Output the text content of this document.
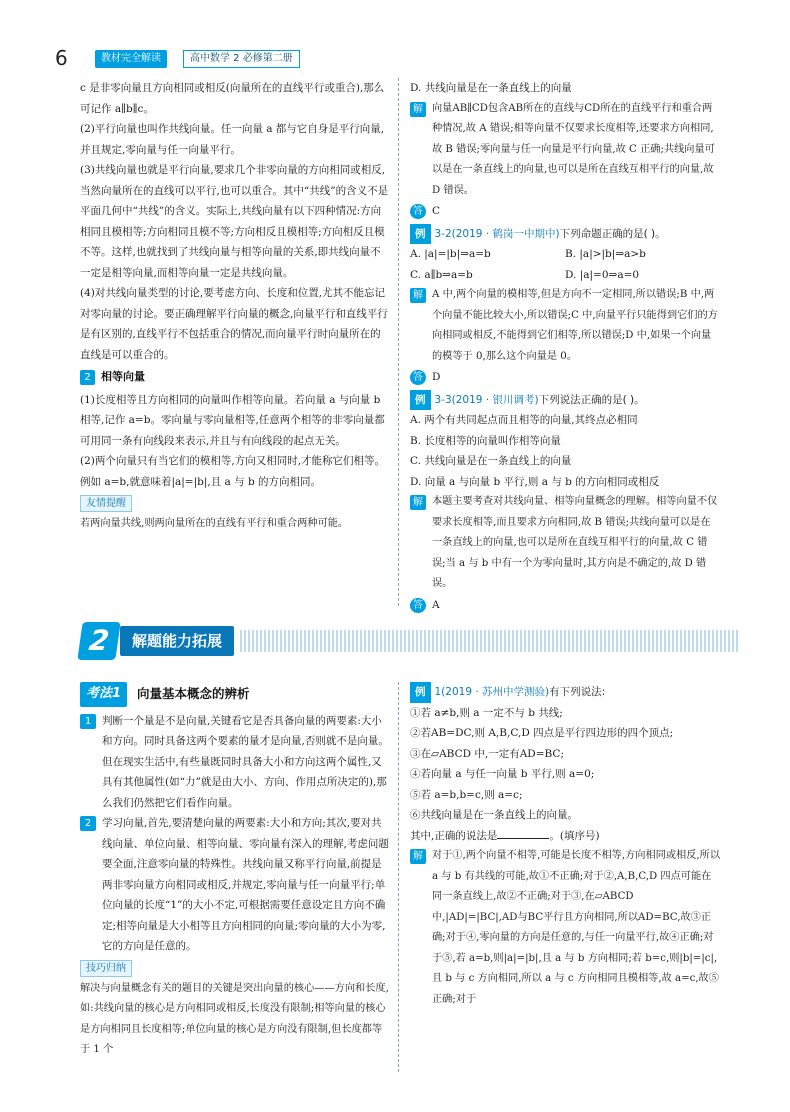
6	教材完全解读	高中数学 2 必修第二册

c 是非零向量且方向相同或相反(向量所在的直线平行或重合),那么可记作 a∥b∥c。

(2)平行向量也叫作共线向量。任一向量 a 都与它自身是平行向量,并且规定,零向量与任一向量平行。

(3)共线向量也就是平行向量,要求几个非零向量的方向相同或相反,当然向量所在的直线可以平行,也可以重合。其中“共线”的含义不是平面几何中“共线”的含义。实际上,共线向量有以下四种情况:方向相同且模相等;方向相同且模不等;方向相反且模相等;方向相反且模不等。这样,也就找到了共线向量与相等向量的关系,即共线向量不一定是相等向量,而相等向量一定是共线向量。

(4)对共线向量类型的讨论,要考虑方向、长度和位置,尤其不能忘记对零向量的讨论。要正确理解平行向量的概念,向量平行和直线平行是有区别的,直线平行不包括重合的情况,而向量平行时向量所在的直线是可以重合的。

2 相等向量

(1)长度相等且方向相同的向量叫作相等向量。若向量 a 与向量 b 相等,记作 a=b。零向量与零向量相等,任意两个相等的非零向量都可用同一条有向线段来表示,并且与有向线段的起点无关。

(2)两个向量只有当它们的模相等,方向又相同时,才能称它们相等。例如 a=b,就意味着|a|=|b|,且 a 与 b 的方向相同。

友情提醒

若两向量共线,则两向量所在的直线有平行和重合两种可能。

D. 共线向量是在一条直线上的向量

解 向量AB∥CD包含AB所在的直线与CD所在的直线平行和重合两种情况,故 A 错误;相等向量不仅要求长度相等,还要求方向相同,故 B 错误;零向量与任一向量是平行向量,故 C 正确;共线向量可以是在一条直线上的向量,也可以是所在直线互相平行的向量,故 D 错误。

答 C

例 3-2(2019 · 鹤岗一中期中)下列命题正确的是( )。

A. |a|=|b|⇒a=b	B. |a|>|b|⇒a>b
C. a∥b⇒a=b	D. |a|=0⇒a=0
解 A 中,两个向量的模相等,但是方向不一定相同,所以错误;B 中,两个向量不能比较大小,所以错误;C 中,向量平行只能得到它们的方向相同或相反,不能得到它们相等,所以错误;D 中,如果一个向量的模等于 0,那么这个向量是 0。

答 D

例 3-3(2019 · 银川调考)下列说法正确的是( )。

A. 两个有共同起点而且相等的向量,其终点必相同

B. 长度相等的向量叫作相等向量

C. 共线向量是在一条直线上的向量

D. 向量 a 与向量 b 平行,则 a 与 b 的方向相同或相反

解 本题主要考查对共线向量、相等向量概念的理解。相等向量不仅要求长度相等,而且要求方向相同,故 B 错误;共线向量可以是在一条直线上的向量,也可以是所在直线互相平行的向量,故 C 错误;当 a 与 b 中有一个为零向量时,其方向是不确定的,故 D 错误。

答 A

2	解题能力拓展
考法1	向量基本概念的辨析
1	判断一个量是不是向量,关键看它是否具备向量的两要素:大小和方向。同时具备这两个要素的量才是向量,否则就不是向量。但在现实生活中,有些量既同时具备大小和方向这两个属性,又具有其他属性(如“力”就是由大小、方向、作用点所决定的),那么我们仍然把它们看作向量。

2	学习向量,首先,要清楚向量的两要素:大小和方向;其次,要对共线向量、单位向量、相等向量、零向量有深入的理解,考虑问题要全面,注意零向量的特殊性。共线向量又称平行向量,前提是两非零向量方向相同或相反,并规定,零向量与任一向量平行;单位向量的长度“1”的大小不定,可根据需要任意设定且方向不确定;相等向量是大小相等且方向相同的向量;零向量的大小为零,它的方向是任意的。

技巧归纳

解决与向量概念有关的题目的关键是突出向量的核心——方向和长度,如:共线向量的核心是方向相同或相反,长度没有限制;相等向量的核心是方向相同且长度相等;单位向量的核心是方向没有限制,但长度都等于 1 个

例 1(2019 · 苏州中学测验)有下列说法:

①若 a≠b,则 a 一定不与 b 共线;

②若AB=DC,则 A,B,C,D 四点是平行四边形的四个顶点;

③在▱ABCD 中,一定有AD=BC;

④若向量 a 与任一向量 b 平行,则 a=0;

⑤若 a=b,b=c,则 a=c;

⑥共线向量是在一条直线上的向量。

其中,正确的说法是	。(填序号)

解 对于①,两个向量不相等,可能是长度不相等,方向相同或相反,所以 a 与 b 有共线的可能,故①不正确;对于②,A,B,C,D 四点可能在同一条直线上,故②不正确;对于③,在▱ABCD 中,|AD|=|BC|,AD与BC平行且方向相同,所以AD=BC,故③正确;对于④,零向量的方向是任意的,与任一向量平行,故④正确;对于⑤,若 a=b,则|a|=|b|,且 a 与 b 方向相同;若 b=c,则|b|=|c|,且 b 与 c 方向相同,所以 a 与 c 方向相同且模相等,故 a=c,故⑤正确;对于
